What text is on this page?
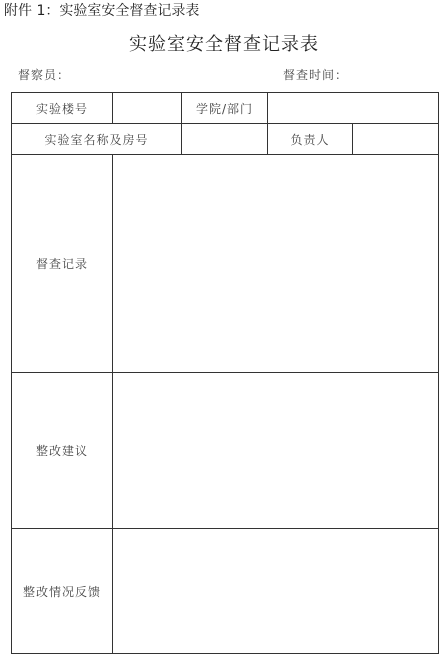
附件 1：实验室安全督查记录表
实验室安全督查记录表
督察员：	督查时间：
实验楼号		学院/部门		
实验室名称及房号			负责人	
督查记录				
整改建议				
整改情况反馈				
